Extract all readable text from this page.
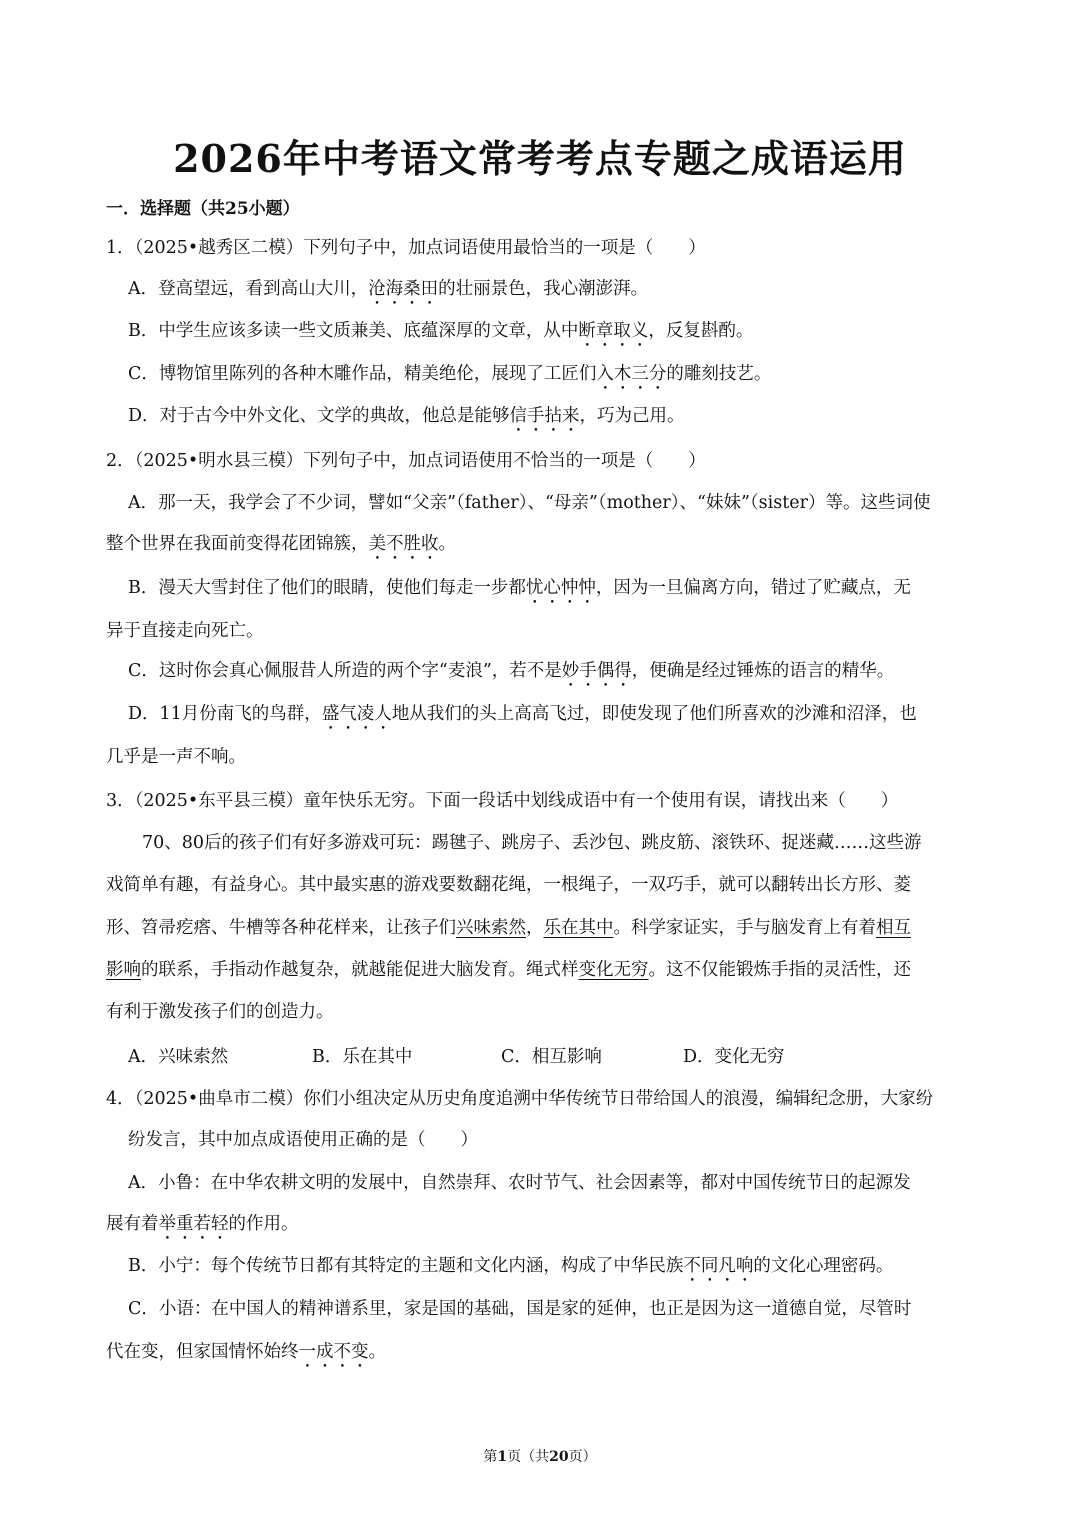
2026年中考语文常考考点专题之成语运用
一．选择题（共25小题）
1．（2025•越秀区二模）下列句子中，加点词语使用最恰当的一项是（　　）
A．登高望远，看到高山大川，沧海桑田的壮丽景色，我心潮澎湃。
B．中学生应该多读一些文质兼美、底蕴深厚的文章，从中断章取义，反复斟酌。
C．博物馆里陈列的各种木雕作品，精美绝伦，展现了工匠们入木三分的雕刻技艺。
D．对于古今中外文化、文学的典故，他总是能够信手拈来，巧为己用。
2．（2025•明水县三模）下列句子中，加点词语使用不恰当的一项是（　　）
A．那一天，我学会了不少词，譬如“父亲”（father）、“母亲”（mother）、“妹妹”（sister）等。这些词使
整个世界在我面前变得花团锦簇，美不胜收。
B．漫天大雪封住了他们的眼睛，使他们每走一步都忧心忡忡，因为一旦偏离方向，错过了贮藏点，无
异于直接走向死亡。
C．这时你会真心佩服昔人所造的两个字“麦浪”，若不是妙手偶得，便确是经过锤炼的语言的精华。
D．11月份南飞的鸟群，盛气凌人地从我们的头上高高飞过，即使发现了他们所喜欢的沙滩和沼泽，也
几乎是一声不响。
3．（2025•东平县三模）童年快乐无穷。下面一段话中划线成语中有一个使用有误，请找出来（　　）
70、80后的孩子们有好多游戏可玩：踢毽子、跳房子、丢沙包、跳皮筋、滚铁环、捉迷藏……这些游
戏简单有趣，有益身心。其中最实惠的游戏要数翻花绳，一根绳子，一双巧手，就可以翻转出长方形、菱
形、笤帚疙瘩、牛槽等各种花样来，让孩子们兴味索然，乐在其中。科学家证实，手与脑发育上有着相互
影响的联系，手指动作越复杂，就越能促进大脑发育。绳式样变化无穷。这不仅能锻炼手指的灵活性，还
有利于激发孩子们的创造力。
A．兴味索然	B．乐在其中	C．相互影响	D．变化无穷
4．（2025•曲阜市二模）你们小组决定从历史角度追溯中华传统节日带给国人的浪漫，编辑纪念册，大家纷
纷发言，其中加点成语使用正确的是（　　）
A．小鲁：在中华农耕文明的发展中，自然崇拜、农时节气、社会因素等，都对中国传统节日的起源发
展有着举重若轻的作用。
B．小宁：每个传统节日都有其特定的主题和文化内涵，构成了中华民族不同凡响的文化心理密码。
C．小语：在中国人的精神谱系里，家是国的基础，国是家的延伸，也正是因为这一道德自觉，尽管时
代在变，但家国情怀始终一成不变。
第1页（共20页）
